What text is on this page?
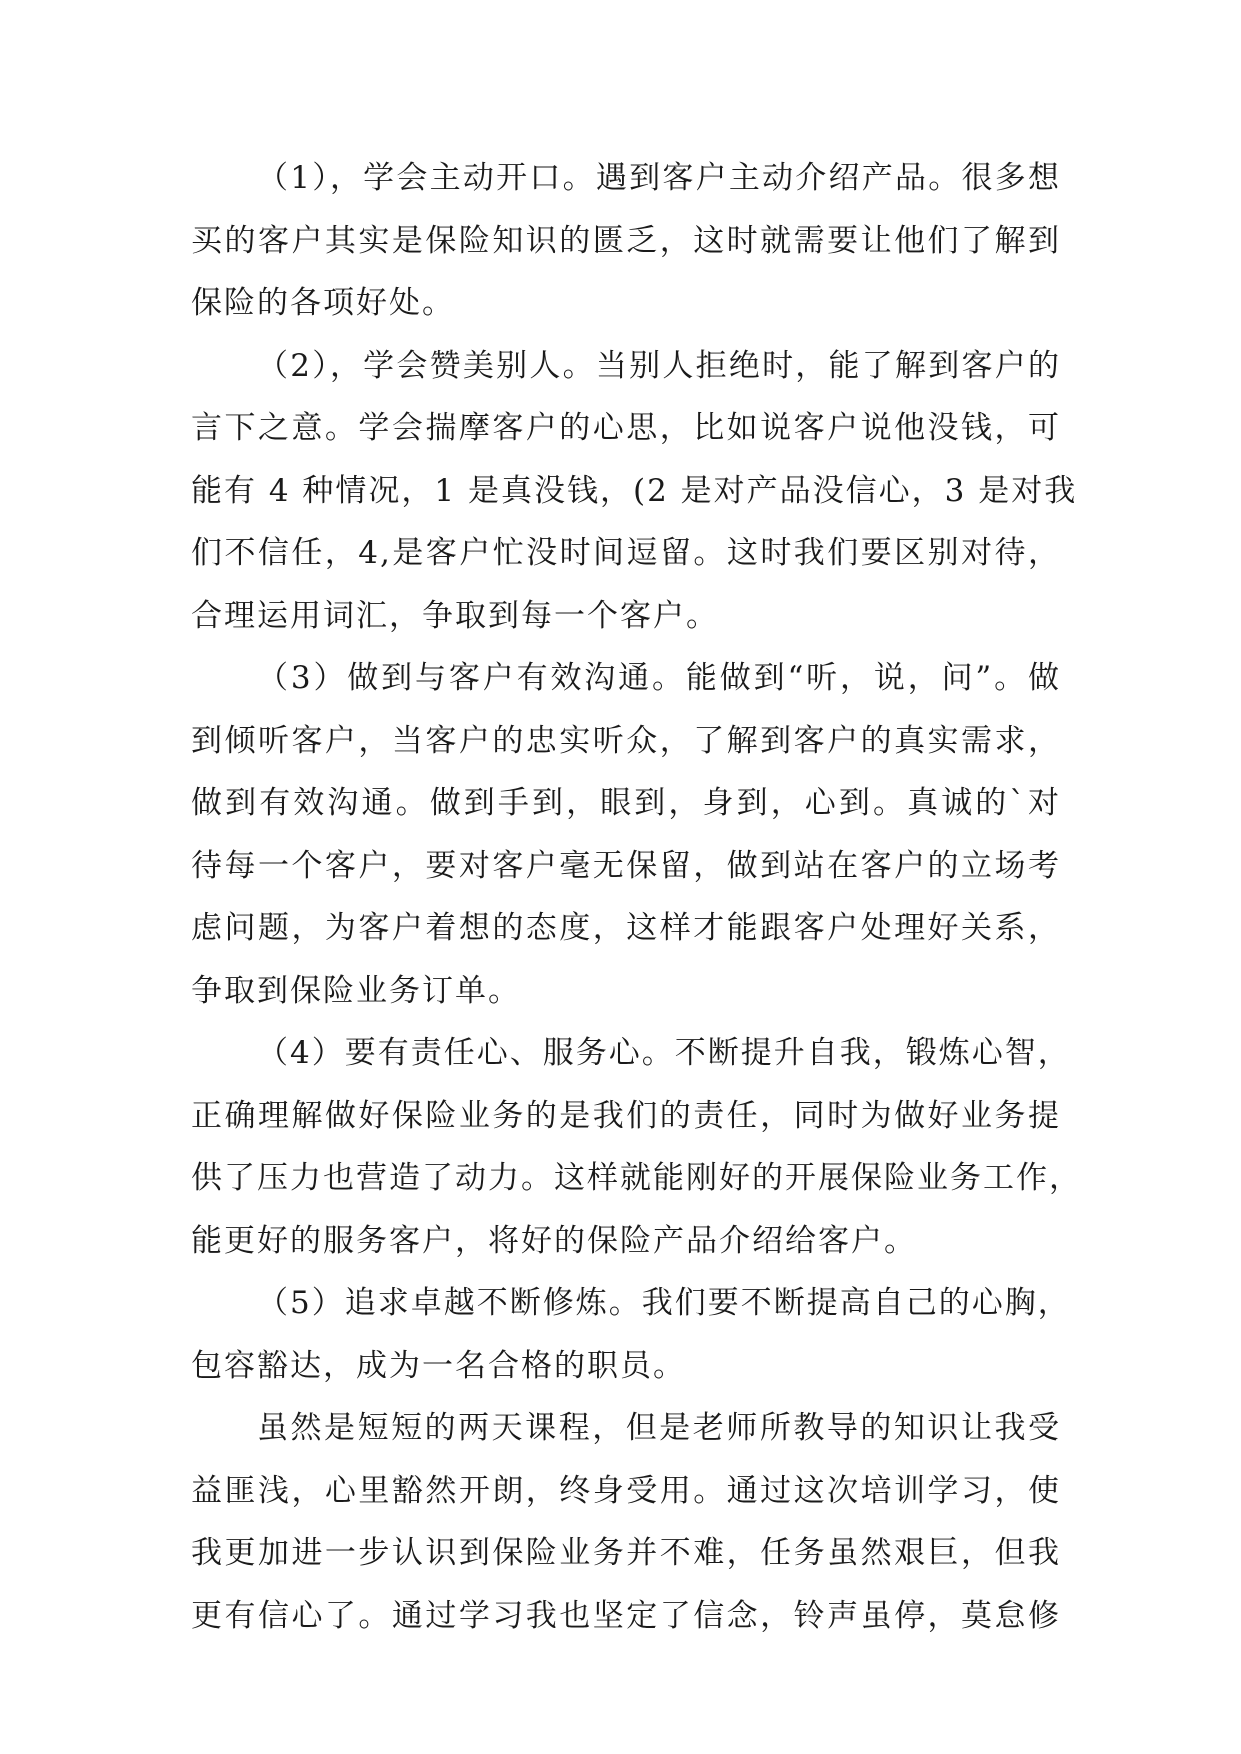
（1），学会主动开口。遇到客户主动介绍产品。很多想
买的客户其实是保险知识的匮乏，这时就需要让他们了解到
保险的各项好处。
（2），学会赞美别人。当别人拒绝时，能了解到客户的
言下之意。学会揣摩客户的心思，比如说客户说他没钱，可
能有 4 种情况，1 是真没钱，(2 是对产品没信心，3 是对我
们不信任，4,是客户忙没时间逗留。这时我们要区别对待，
合理运用词汇，争取到每一个客户。
（3）做到与客户有效沟通。能做到“听，说，问”。做
到倾听客户，当客户的忠实听众，了解到客户的真实需求，
做到有效沟通。做到手到，眼到，身到，心到。真诚的`对
待每一个客户，要对客户毫无保留，做到站在客户的立场考
虑问题，为客户着想的态度，这样才能跟客户处理好关系，
争取到保险业务订单。
（4）要有责任心、服务心。不断提升自我，锻炼心智，
正确理解做好保险业务的是我们的责任，同时为做好业务提
供了压力也营造了动力。这样就能刚好的开展保险业务工作，
能更好的服务客户，将好的保险产品介绍给客户。
（5）追求卓越不断修炼。我们要不断提高自己的心胸，
包容豁达，成为一名合格的职员。
虽然是短短的两天课程，但是老师所教导的知识让我受
益匪浅，心里豁然开朗，终身受用。通过这次培训学习，使
我更加进一步认识到保险业务并不难，任务虽然艰巨，但我
更有信心了。通过学习我也坚定了信念，铃声虽停，莫怠修
